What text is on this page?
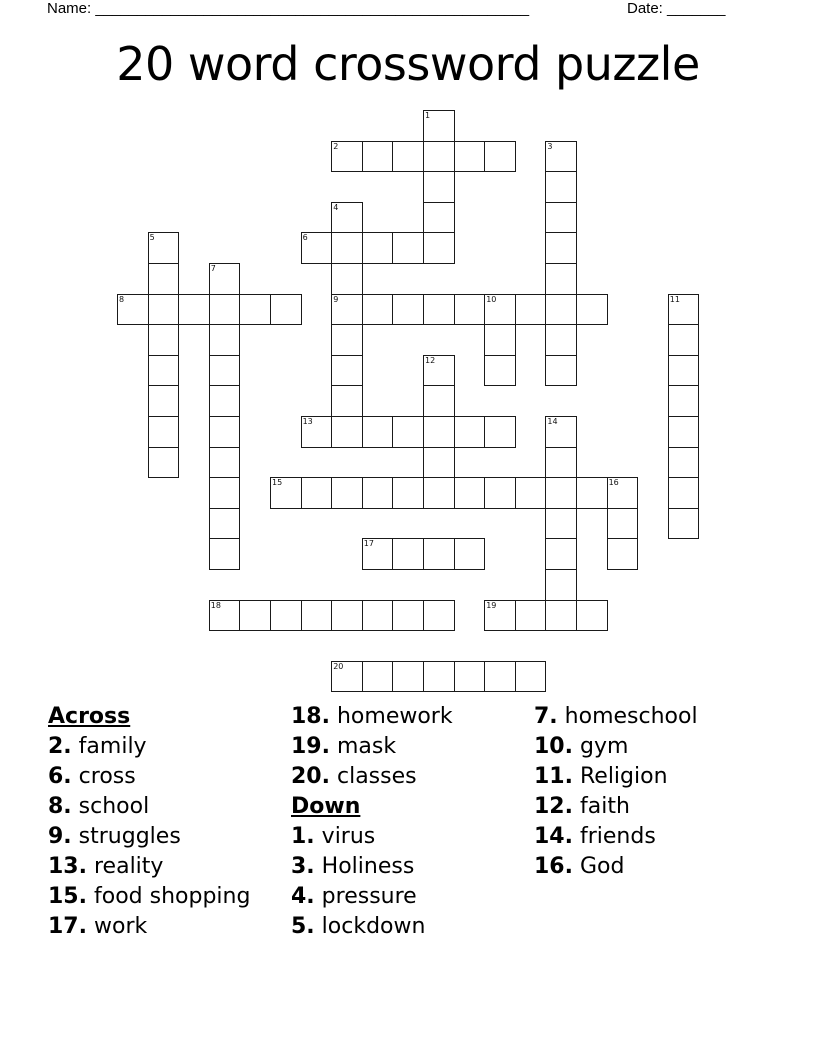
Name: ____________________________________________________	Date: _______
20 word crossword puzzle
1
2	3
4
9
5	6
7
8	10	11
12
13	14
15	16
17
18	19
20
Across
2. family
6. cross
8. school
9. struggles
13. reality
15. food shopping
17. work
18. homework
19. mask
20. classes
Down
1. virus
3. Holiness
4. pressure
5. lockdown
7. homeschool
10. gym
11. Religion
12. faith
14. friends
16. God
